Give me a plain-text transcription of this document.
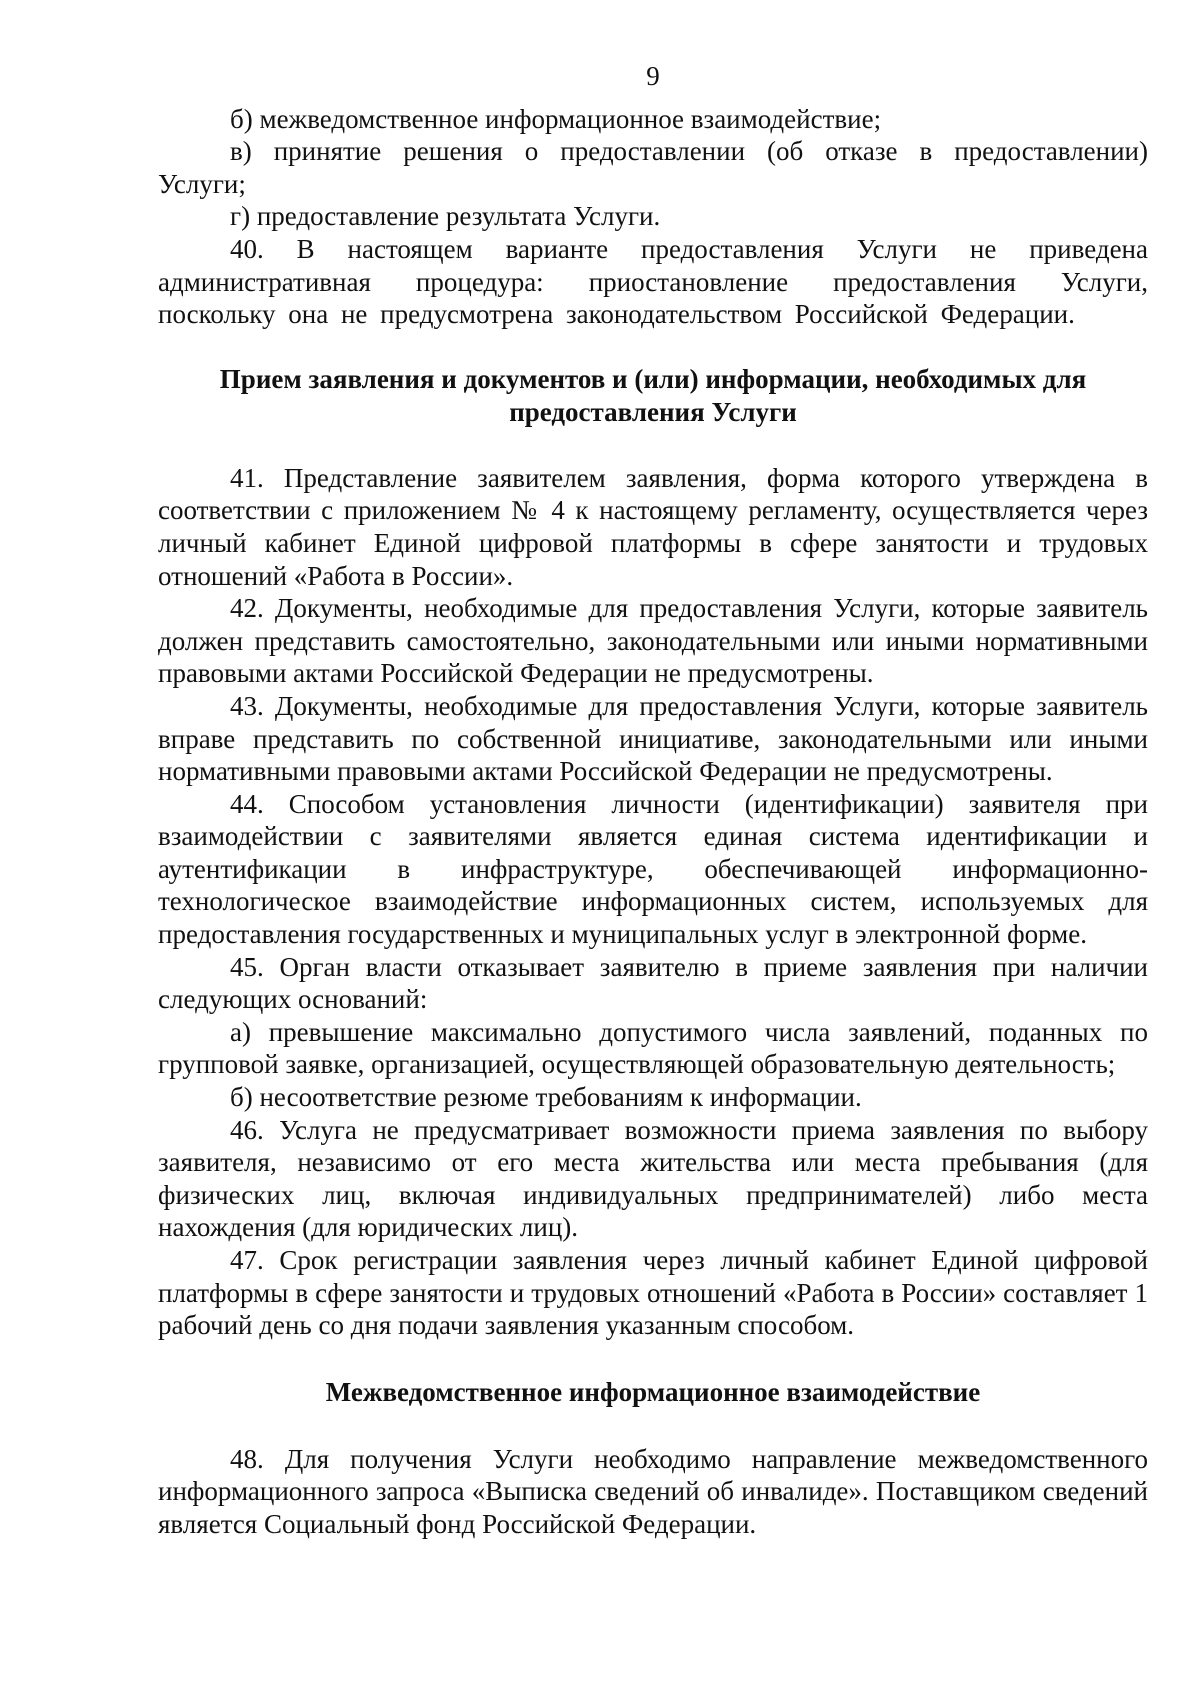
9

б) межведомственное информационное взаимодействие;

в) принятие решения о предоставлении (об отказе в предоставлении) Услуги;

г) предоставление результата Услуги.

40. В настоящем варианте предоставления Услуги не приведена административная процедура: приостановление предоставления Услуги, поскольку она не предусмотрена законодательством Российской Федерации.

Прием заявления и документов и (или) информации, необходимых для предоставления Услуги

41. Представление заявителем заявления, форма которого утверждена в соответствии с приложением № 4 к настоящему регламенту, осуществляется через личный кабинет Единой цифровой платформы в сфере занятости и трудовых отношений «Работа в России».

42. Документы, необходимые для предоставления Услуги, которые заявитель должен представить самостоятельно, законодательными или иными нормативными правовыми актами Российской Федерации не предусмотрены.

43. Документы, необходимые для предоставления Услуги, которые заявитель вправе представить по собственной инициативе, законодательными или иными нормативными правовыми актами Российской Федерации не предусмотрены.

44. Способом установления личности (идентификации) заявителя при взаимодействии с заявителями является единая система идентификации и аутентификации в инфраструктуре, обеспечивающей информационно-технологическое взаимодействие информационных систем, используемых для предоставления государственных и муниципальных услуг в электронной форме.

45. Орган власти отказывает заявителю в приеме заявления при наличии следующих оснований:

а) превышение максимально допустимого числа заявлений, поданных по групповой заявке, организацией, осуществляющей образовательную деятельность;

б) несоответствие резюме требованиям к информации.

46. Услуга не предусматривает возможности приема заявления по выбору заявителя, независимо от его места жительства или места пребывания (для физических лиц, включая индивидуальных предпринимателей) либо места нахождения (для юридических лиц).

47. Срок регистрации заявления через личный кабинет Единой цифровой платформы в сфере занятости и трудовых отношений «Работа в России» составляет 1 рабочий день со дня подачи заявления указанным способом.

Межведомственное информационное взаимодействие

48. Для получения Услуги необходимо направление межведомственного информационного запроса «Выписка сведений об инвалиде». Поставщиком сведений является Социальный фонд Российской Федерации.
